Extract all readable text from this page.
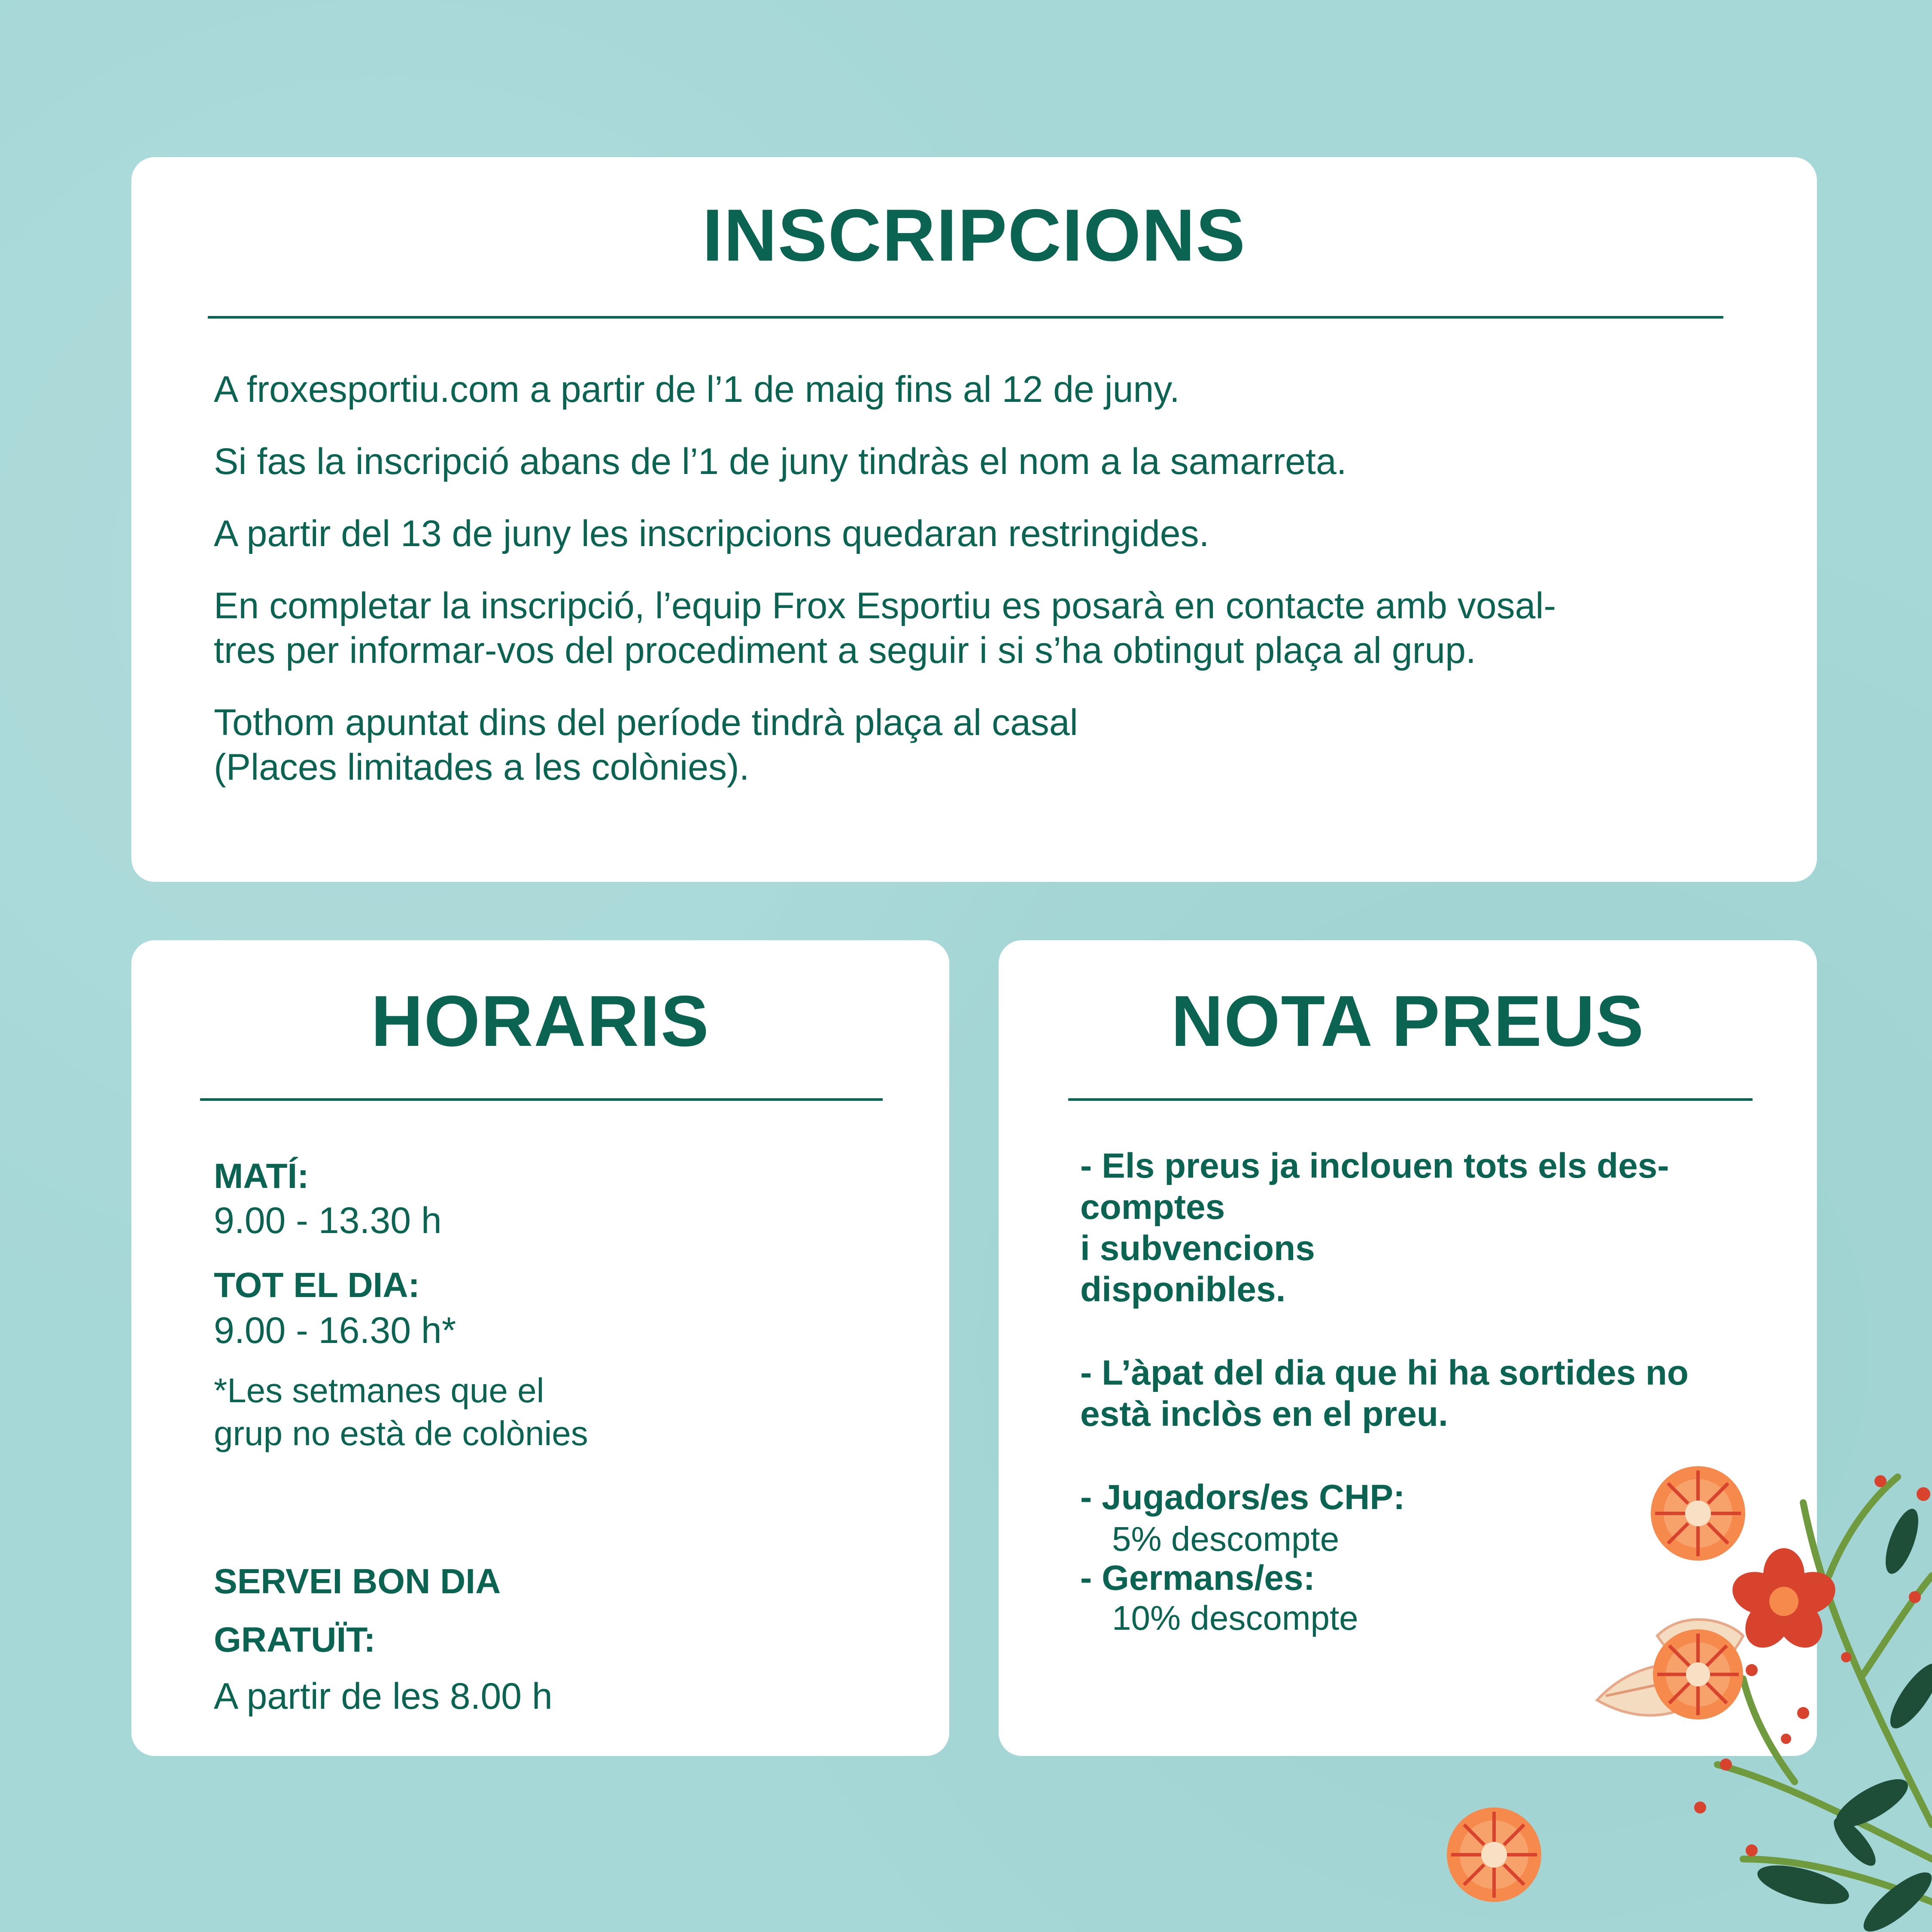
INSCRIPCIONS

A froxesportiu.com a partir de l’1 de maig fins al 12 de juny.

Si fas la inscripció abans de l’1 de juny tindràs el nom a la samarreta.

A partir del 13 de juny les inscripcions quedaran restringides.

En completar la inscripció, l’equip Frox Esportiu es posarà en contacte amb vosal-

tres per informar-vos del procediment a seguir i si s’ha obtingut plaça al grup.

Tothom apuntat dins del període tindrà plaça al casal

(Places limitades a les colònies).

HORARIS

MATÍ:

9.00 - 13.30 h

TOT EL DIA:

9.00 - 16.30 h*

*Les setmanes que el

grup no està de colònies

SERVEI BON DIA

GRATUÏT:

A partir de les 8.00 h

NOTA PREUS

- Els preus ja inclouen tots els des-

comptes

i subvencions

disponibles.

- L’àpat del dia que hi ha sortides no

està inclòs en el preu.

- Jugadors/es CHP:

5% descompte

- Germans/es:

10% descompte
